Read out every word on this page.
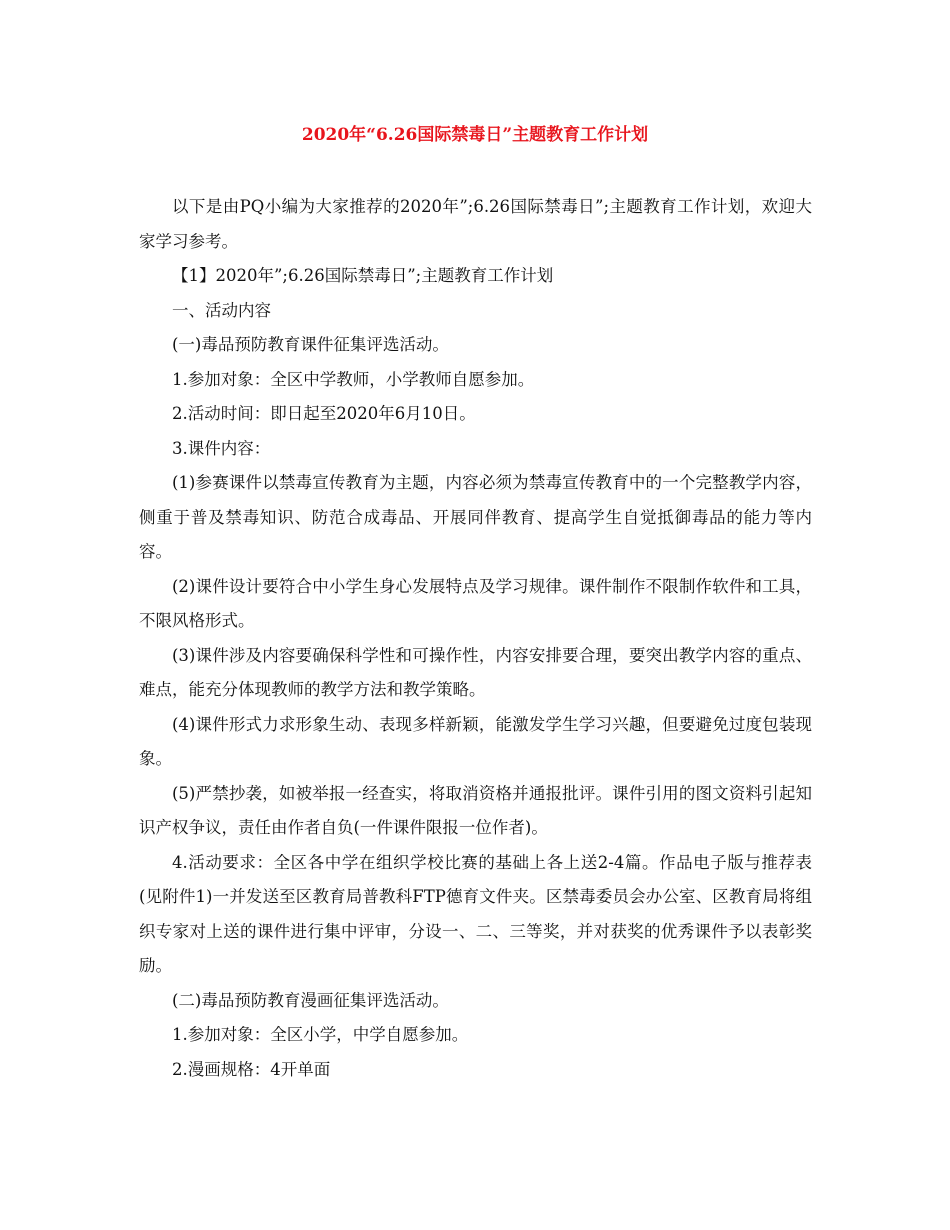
2020年“6.26国际禁毒日”主题教育工作计划

以下是由PQ小编为大家推荐的2020年”;6.26国际禁毒日”;主题教育工作计划，欢迎大家学习参考。

【1】2020年”;6.26国际禁毒日”;主题教育工作计划

一、活动内容

(一)毒品预防教育课件征集评选活动。

1.参加对象：全区中学教师，小学教师自愿参加。

2.活动时间：即日起至2020年6月10日。

3.课件内容：

(1)参赛课件以禁毒宣传教育为主题，内容必须为禁毒宣传教育中的一个完整教学内容，侧重于普及禁毒知识、防范合成毒品、开展同伴教育、提高学生自觉抵御毒品的能力等内容。

(2)课件设计要符合中小学生身心发展特点及学习规律。课件制作不限制作软件和工具，不限风格形式。

(3)课件涉及内容要确保科学性和可操作性，内容安排要合理，要突出教学内容的重点、难点，能充分体现教师的教学方法和教学策略。

(4)课件形式力求形象生动、表现多样新颖，能激发学生学习兴趣，但要避免过度包装现象。

(5)严禁抄袭，如被举报一经查实，将取消资格并通报批评。课件引用的图文资料引起知识产权争议，责任由作者自负(一件课件限报一位作者)。

4.活动要求：全区各中学在组织学校比赛的基础上各上送2-4篇。作品电子版与推荐表(见附件1)一并发送至区教育局普教科FTP德育文件夹。区禁毒委员会办公室、区教育局将组织专家对上送的课件进行集中评审，分设一、二、三等奖，并对获奖的优秀课件予以表彰奖励。

(二)毒品预防教育漫画征集评选活动。

1.参加对象：全区小学，中学自愿参加。

2.漫画规格：4开单面
